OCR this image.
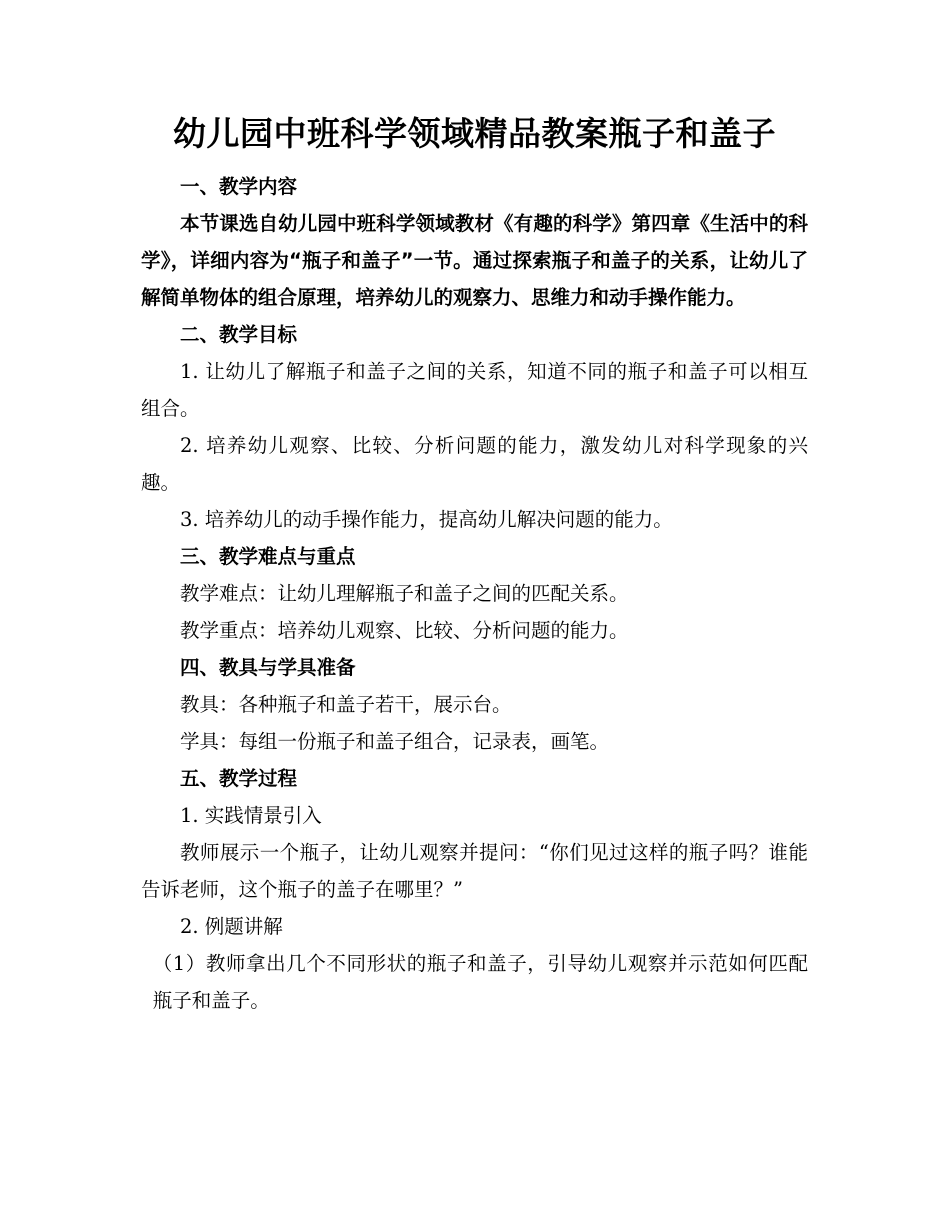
幼儿园中班科学领域精品教案瓶子和盖子

一、教学内容

本节课选自幼儿园中班科学领域教材《有趣的科学》第四章《生活中的科学》，详细内容为“瓶子和盖子”一节。通过探索瓶子和盖子的关系，让幼儿了解简单物体的组合原理，培养幼儿的观察力、思维力和动手操作能力。

二、教学目标

1. 让幼儿了解瓶子和盖子之间的关系，知道不同的瓶子和盖子可以相互组合。

2. 培养幼儿观察、比较、分析问题的能力，激发幼儿对科学现象的兴趣。

3. 培养幼儿的动手操作能力，提高幼儿解决问题的能力。

三、教学难点与重点

教学难点：让幼儿理解瓶子和盖子之间的匹配关系。

教学重点：培养幼儿观察、比较、分析问题的能力。

四、教具与学具准备

教具：各种瓶子和盖子若干，展示台。

学具：每组一份瓶子和盖子组合，记录表，画笔。

五、教学过程

1. 实践情景引入

教师展示一个瓶子，让幼儿观察并提问：“你们见过这样的瓶子吗？谁能告诉老师，这个瓶子的盖子在哪里？”

2. 例题讲解

（1）教师拿出几个不同形状的瓶子和盖子，引导幼儿观察并示范如何匹配瓶子和盖子。
